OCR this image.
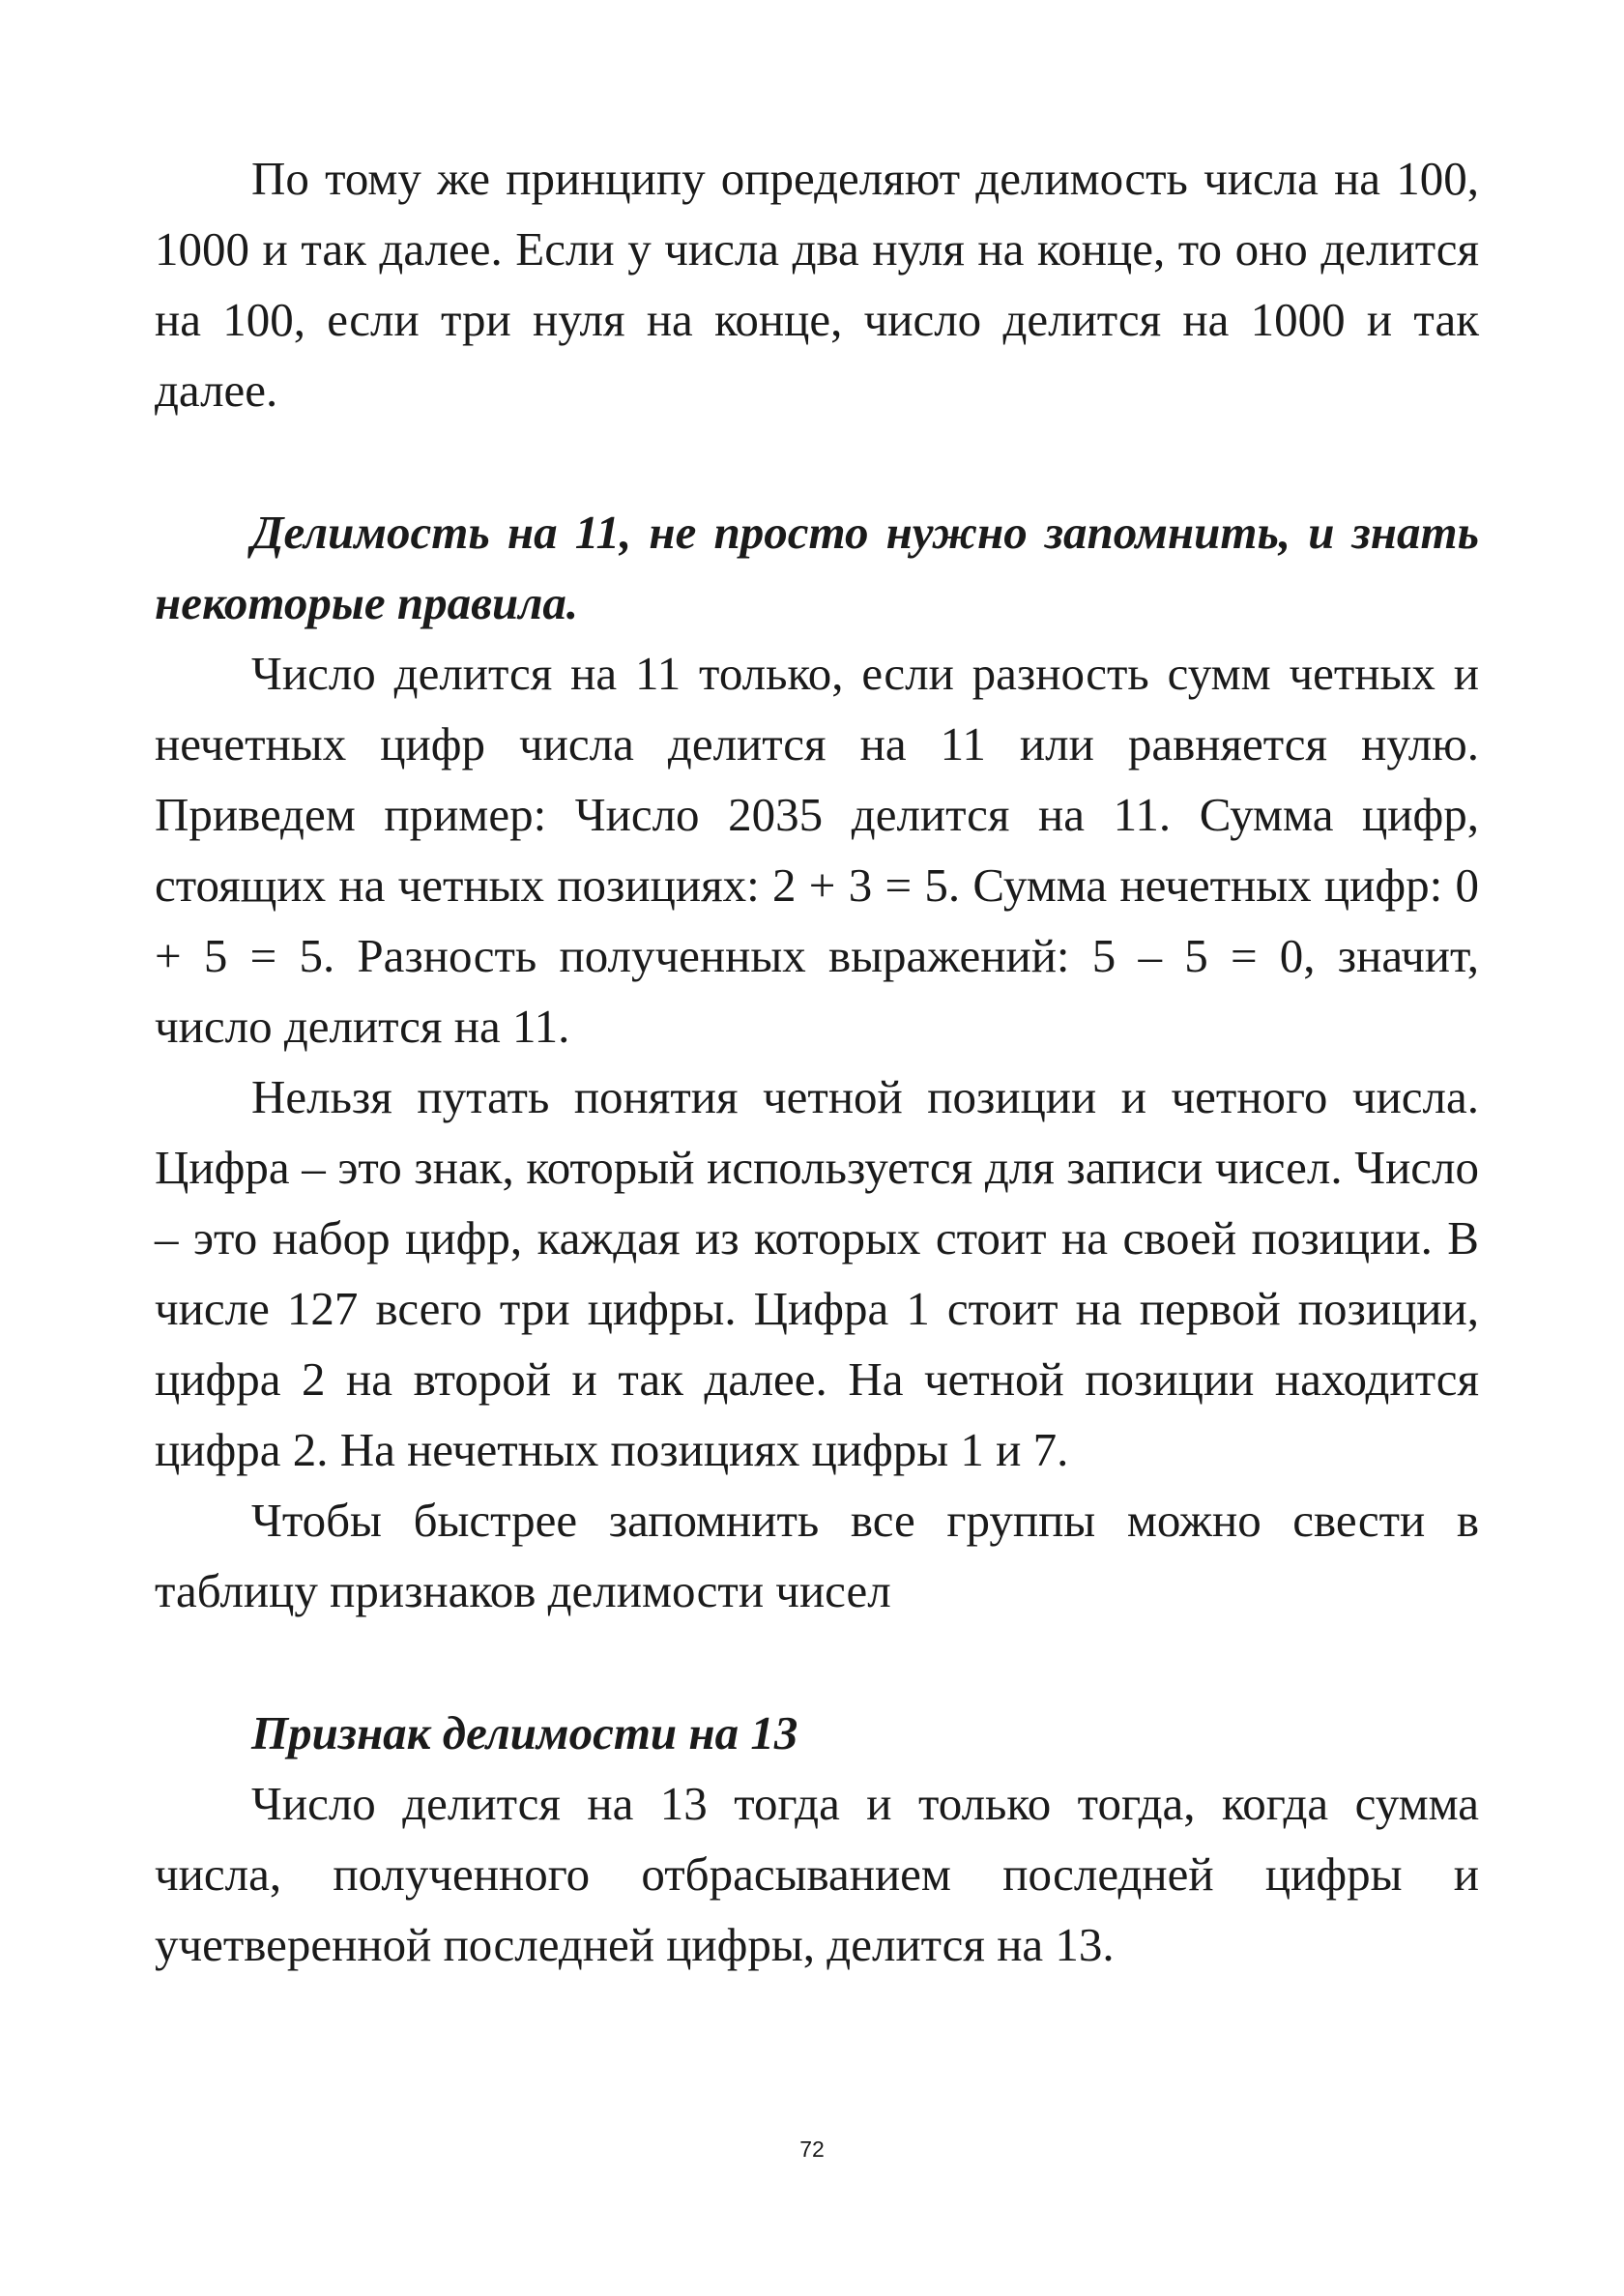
По тому же принципу определяют делимость числа на 100, 1000 и так далее. Если у числа два нуля на конце, то оно делится на 100, если три нуля на конце, число делится на 1000 и так далее.

Делимость на 11, не просто нужно запомнить, и знать некоторые правила.

Число делится на 11 только, если разность сумм четных и нечетных цифр числа делится на 11 или равняется нулю. Приведем пример: Число 2035 делится на 11. Сумма цифр, стоящих на четных позициях: 2 + 3 = 5. Сумма нечетных цифр: 0 + 5 = 5. Разность полученных выражений: 5 – 5 = 0, значит, число делится на 11.

Нельзя путать понятия четной позиции и четного числа. Цифра – это знак, который используется для записи чисел. Число – это набор цифр, каждая из которых стоит на своей позиции. В числе 127 всего три цифры. Цифра 1 стоит на первой позиции, цифра 2 на второй и так далее. На четной позиции находится цифра 2. На нечетных позициях цифры 1 и 7.

Чтобы быстрее запомнить все группы можно свести в таблицу признаков делимости чисел

Признак делимости на 13

Число делится на 13 тогда и только тогда, когда сумма числа, полученного отбрасыванием последней цифры и учетверенной последней цифры, делится на 13.

72
